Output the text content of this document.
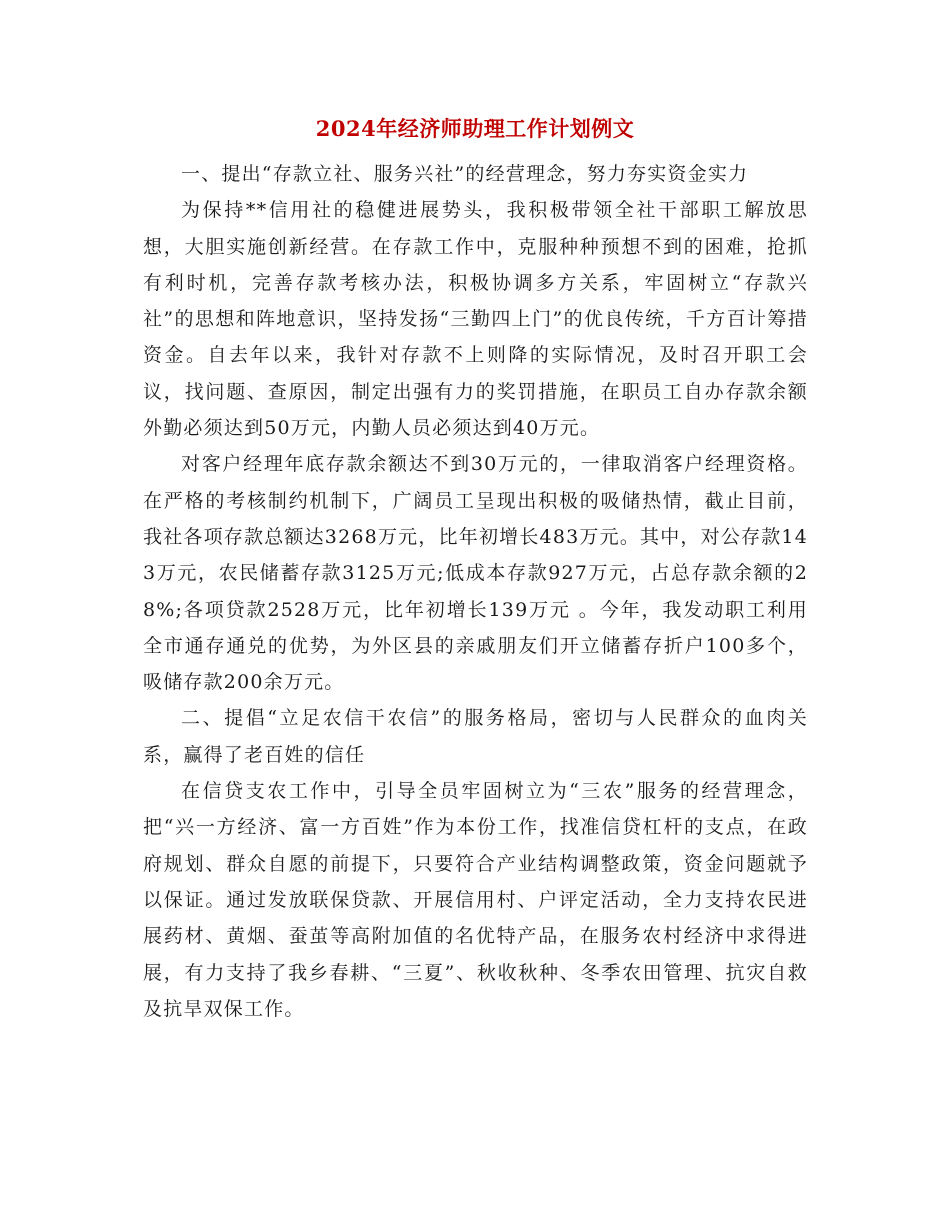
2024年经济师助理工作计划例文

一、提出“存款立社、服务兴社”的经营理念，努力夯实资金实力

为保持**信用社的稳健进展势头，我积极带领全社干部职工解放思想，大胆实施创新经营。在存款工作中，克服种种预想不到的困难，抢抓有利时机，完善存款考核办法，积极协调多方关系，牢固树立“存款兴社”的思想和阵地意识，坚持发扬“三勤四上门”的优良传统，千方百计筹措资金。自去年以来，我针对存款不上则降的实际情况，及时召开职工会议，找问题、查原因，制定出强有力的奖罚措施，在职员工自办存款余额外勤必须达到50万元，内勤人员必须达到40万元。

对客户经理年底存款余额达不到30万元的，一律取消客户经理资格。在严格的考核制约机制下，广阔员工呈现出积极的吸储热情，截止目前，我社各项存款总额达3268万元，比年初增长483万元。其中，对公存款143万元，农民储蓄存款3125万元;低成本存款927万元，占总存款余额的28%;各项贷款2528万元，比年初增长139万元 。今年，我发动职工利用全市通存通兑的优势，为外区县的亲戚朋友们开立储蓄存折户100多个，吸储存款200余万元。

二、提倡“立足农信干农信”的服务格局，密切与人民群众的血肉关系，赢得了老百姓的信任

在信贷支农工作中，引导全员牢固树立为“三农”服务的经营理念，把“兴一方经济、富一方百姓”作为本份工作，找准信贷杠杆的支点，在政府规划、群众自愿的前提下，只要符合产业结构调整政策，资金问题就予以保证。通过发放联保贷款、开展信用村、户评定活动，全力支持农民进展药材、黄烟、蚕茧等高附加值的名优特产品，在服务农村经济中求得进展，有力支持了我乡春耕、“三夏”、秋收秋种、冬季农田管理、抗灾自救及抗旱双保工作。
